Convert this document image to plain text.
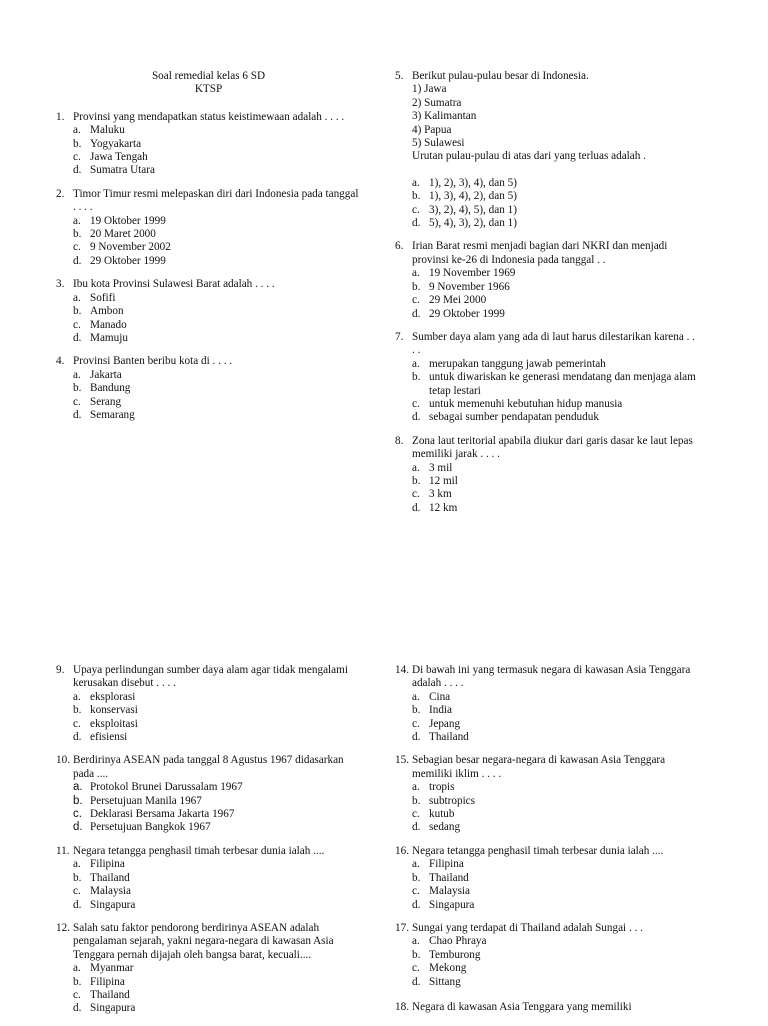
Soal remedial kelas 6 SD
KTSP
1. Provinsi yang mendapatkan status keistimewaan adalah . . . .
a. Maluku
b. Yogyakarta
c. Jawa Tengah
d. Sumatra Utara
2. Timor Timur resmi melepaskan diri dari Indonesia pada tanggal . . . .
a. 19 Oktober 1999
b. 20 Maret 2000
c. 9 November 2002
d. 29 Oktober 1999
3. Ibu kota Provinsi Sulawesi Barat adalah . . . .
a. Sofifi
b. Ambon
c. Manado
d. Mamuju
4. Provinsi Banten beribu kota di . . . .
a. Jakarta
b. Bandung
c. Serang
d. Semarang
5. Berikut pulau-pulau besar di Indonesia.
1) Jawa
2) Sumatra
3) Kalimantan
4) Papua
5) Sulawesi
Urutan pulau-pulau di atas dari yang terluas adalah .
a. 1), 2), 3), 4), dan 5)
b. 1), 3), 4), 2), dan 5)
c. 3), 2), 4), 5), dan 1)
d. 5), 4), 3), 2), dan 1)
6. Irian Barat resmi menjadi bagian dari NKRI dan menjadi provinsi ke-26 di Indonesia pada tanggal . .
a. 19 November 1969
b. 9 November 1966
c. 29 Mei 2000
d. 29 Oktober 1999
7. Sumber daya alam yang ada di laut harus dilestarikan karena . . . .
a. merupakan tanggung jawab pemerintah
b. untuk diwariskan ke generasi mendatang dan menjaga alam tetap lestari
c. untuk memenuhi kebutuhan hidup manusia
d. sebagai sumber pendapatan penduduk
8. Zona laut teritorial apabila diukur dari garis dasar ke laut lepas memiliki jarak . . . .
a. 3 mil
b. 12 mil
c. 3 km
d. 12 km
9. Upaya perlindungan sumber daya alam agar tidak mengalami kerusakan disebut . . . .
a. eksplorasi
b. konservasi
c. eksploitasi
d. efisiensi
10. Berdirinya ASEAN pada tanggal 8 Agustus 1967 didasarkan pada ....
a. Protokol Brunei Darussalam 1967
b. Persetujuan Manila 1967
c. Deklarasi Bersama Jakarta 1967
d. Persetujuan Bangkok 1967
11. Negara tetangga penghasil timah terbesar dunia ialah ....
a. Filipina
b. Thailand
c. Malaysia
d. Singapura
12. Salah satu faktor pendorong berdirinya ASEAN adalah pengalaman sejarah, yakni negara-negara di kawasan Asia Tenggara pernah dijajah oleh bangsa barat, kecuali....
a. Myanmar
b. Filipina
c. Thailand
d. Singapura
14. Di bawah ini yang termasuk negara di kawasan Asia Tenggara adalah . . . .
a. Cina
b. India
c. Jepang
d. Thailand
15. Sebagian besar negara-negara di kawasan Asia Tenggara memiliki iklim . . . .
a. tropis
b. subtropics
c. kutub
d. sedang
16. Negara tetangga penghasil timah terbesar dunia ialah ....
a. Filipina
b. Thailand
c. Malaysia
d. Singapura
17. Sungai yang terdapat di Thailand adalah Sungai . . .
a. Chao Phraya
b. Temburong
c. Mekong
d. Sittang
18. Negara di kawasan Asia Tenggara yang memiliki
